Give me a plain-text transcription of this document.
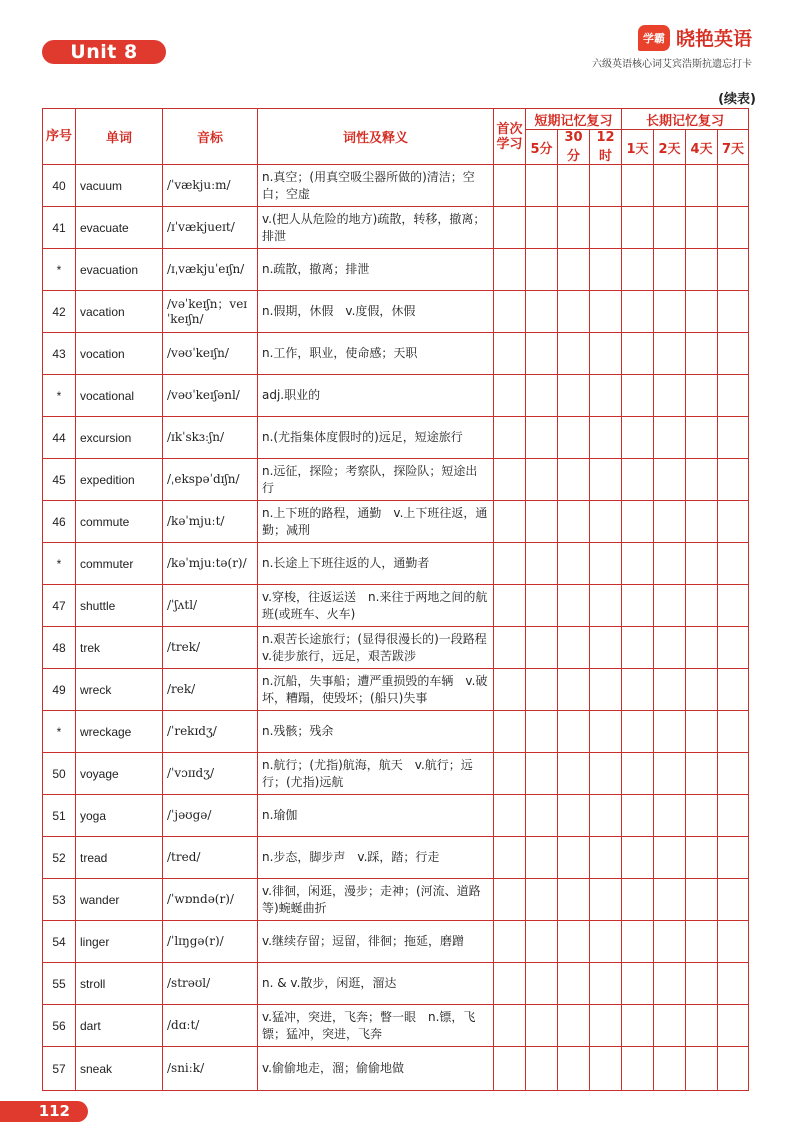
Unit 8
学霸 晓艳英语
六级英语核心词艾宾浩斯抗遗忘打卡
(续表)
序号	单词	音标	词性及释义	首次学习	短期记忆复习			长期记忆复习			
					5分	30分	12时	1天	2天	4天	7天
40	vacuum	/ˈvækjuːm/	n.真空；(用真空吸尘器所做的)清洁；空白；空虚								
41	evacuate	/ɪˈvækjueɪt/	v.(把人从危险的地方)疏散，转移，撤离；排泄								
*	evacuation	/ɪˌvækjuˈeɪʃn/	n.疏散，撤离；排泄								
42	vacation	/vəˈkeɪʃn；veɪˈkeɪʃn/	n.假期，休假　v.度假，休假								
43	vocation	/vəʊˈkeɪʃn/	n.工作，职业，使命感；天职								
*	vocational	/vəʊˈkeɪʃənl/	adj.职业的								
44	excursion	/ɪkˈskɜːʃn/	n.(尤指集体度假时的)远足，短途旅行								
45	expedition	/ˌekspəˈdɪʃn/	n.远征，探险；考察队，探险队；短途出行								
46	commute	/kəˈmjuːt/	n.上下班的路程，通勤　v.上下班往返，通勤；减刑								
*	commuter	/kəˈmjuːtə(r)/	n.长途上下班往返的人，通勤者								
47	shuttle	/ˈʃʌtl/	v.穿梭，往返运送　n.来往于两地之间的航班(或班车、火车)								
48	trek	/trek/	n.艰苦长途旅行；(显得很漫长的)一段路程　v.徒步旅行，远足，艰苦跋涉								
49	wreck	/rek/	n.沉船，失事船；遭严重损毁的车辆　v.破坏，糟蹋，使毁坏；(船只)失事								
*	wreckage	/ˈrekɪdʒ/	n.残骸；残余								
50	voyage	/ˈvɔɪɪdʒ/	n.航行；(尤指)航海，航天　v.航行；远行；(尤指)远航								
51	yoga	/ˈjəʊgə/	n.瑜伽								
52	tread	/tred/	n.步态，脚步声　v.踩，踏；行走								
53	wander	/ˈwɒndə(r)/	v.徘徊，闲逛，漫步；走神；(河流、道路等)蜿蜒曲折								
54	linger	/ˈlɪŋgə(r)/	v.继续存留；逗留，徘徊；拖延，磨蹭								
55	stroll	/strəʊl/	n. & v.散步，闲逛，溜达								
56	dart	/dɑːt/	v.猛冲，突进，飞奔；瞥一眼　n.镖，飞镖；猛冲，突进，飞奔								
57	sneak	/sniːk/	v.偷偷地走，溜；偷偷地做								
112
